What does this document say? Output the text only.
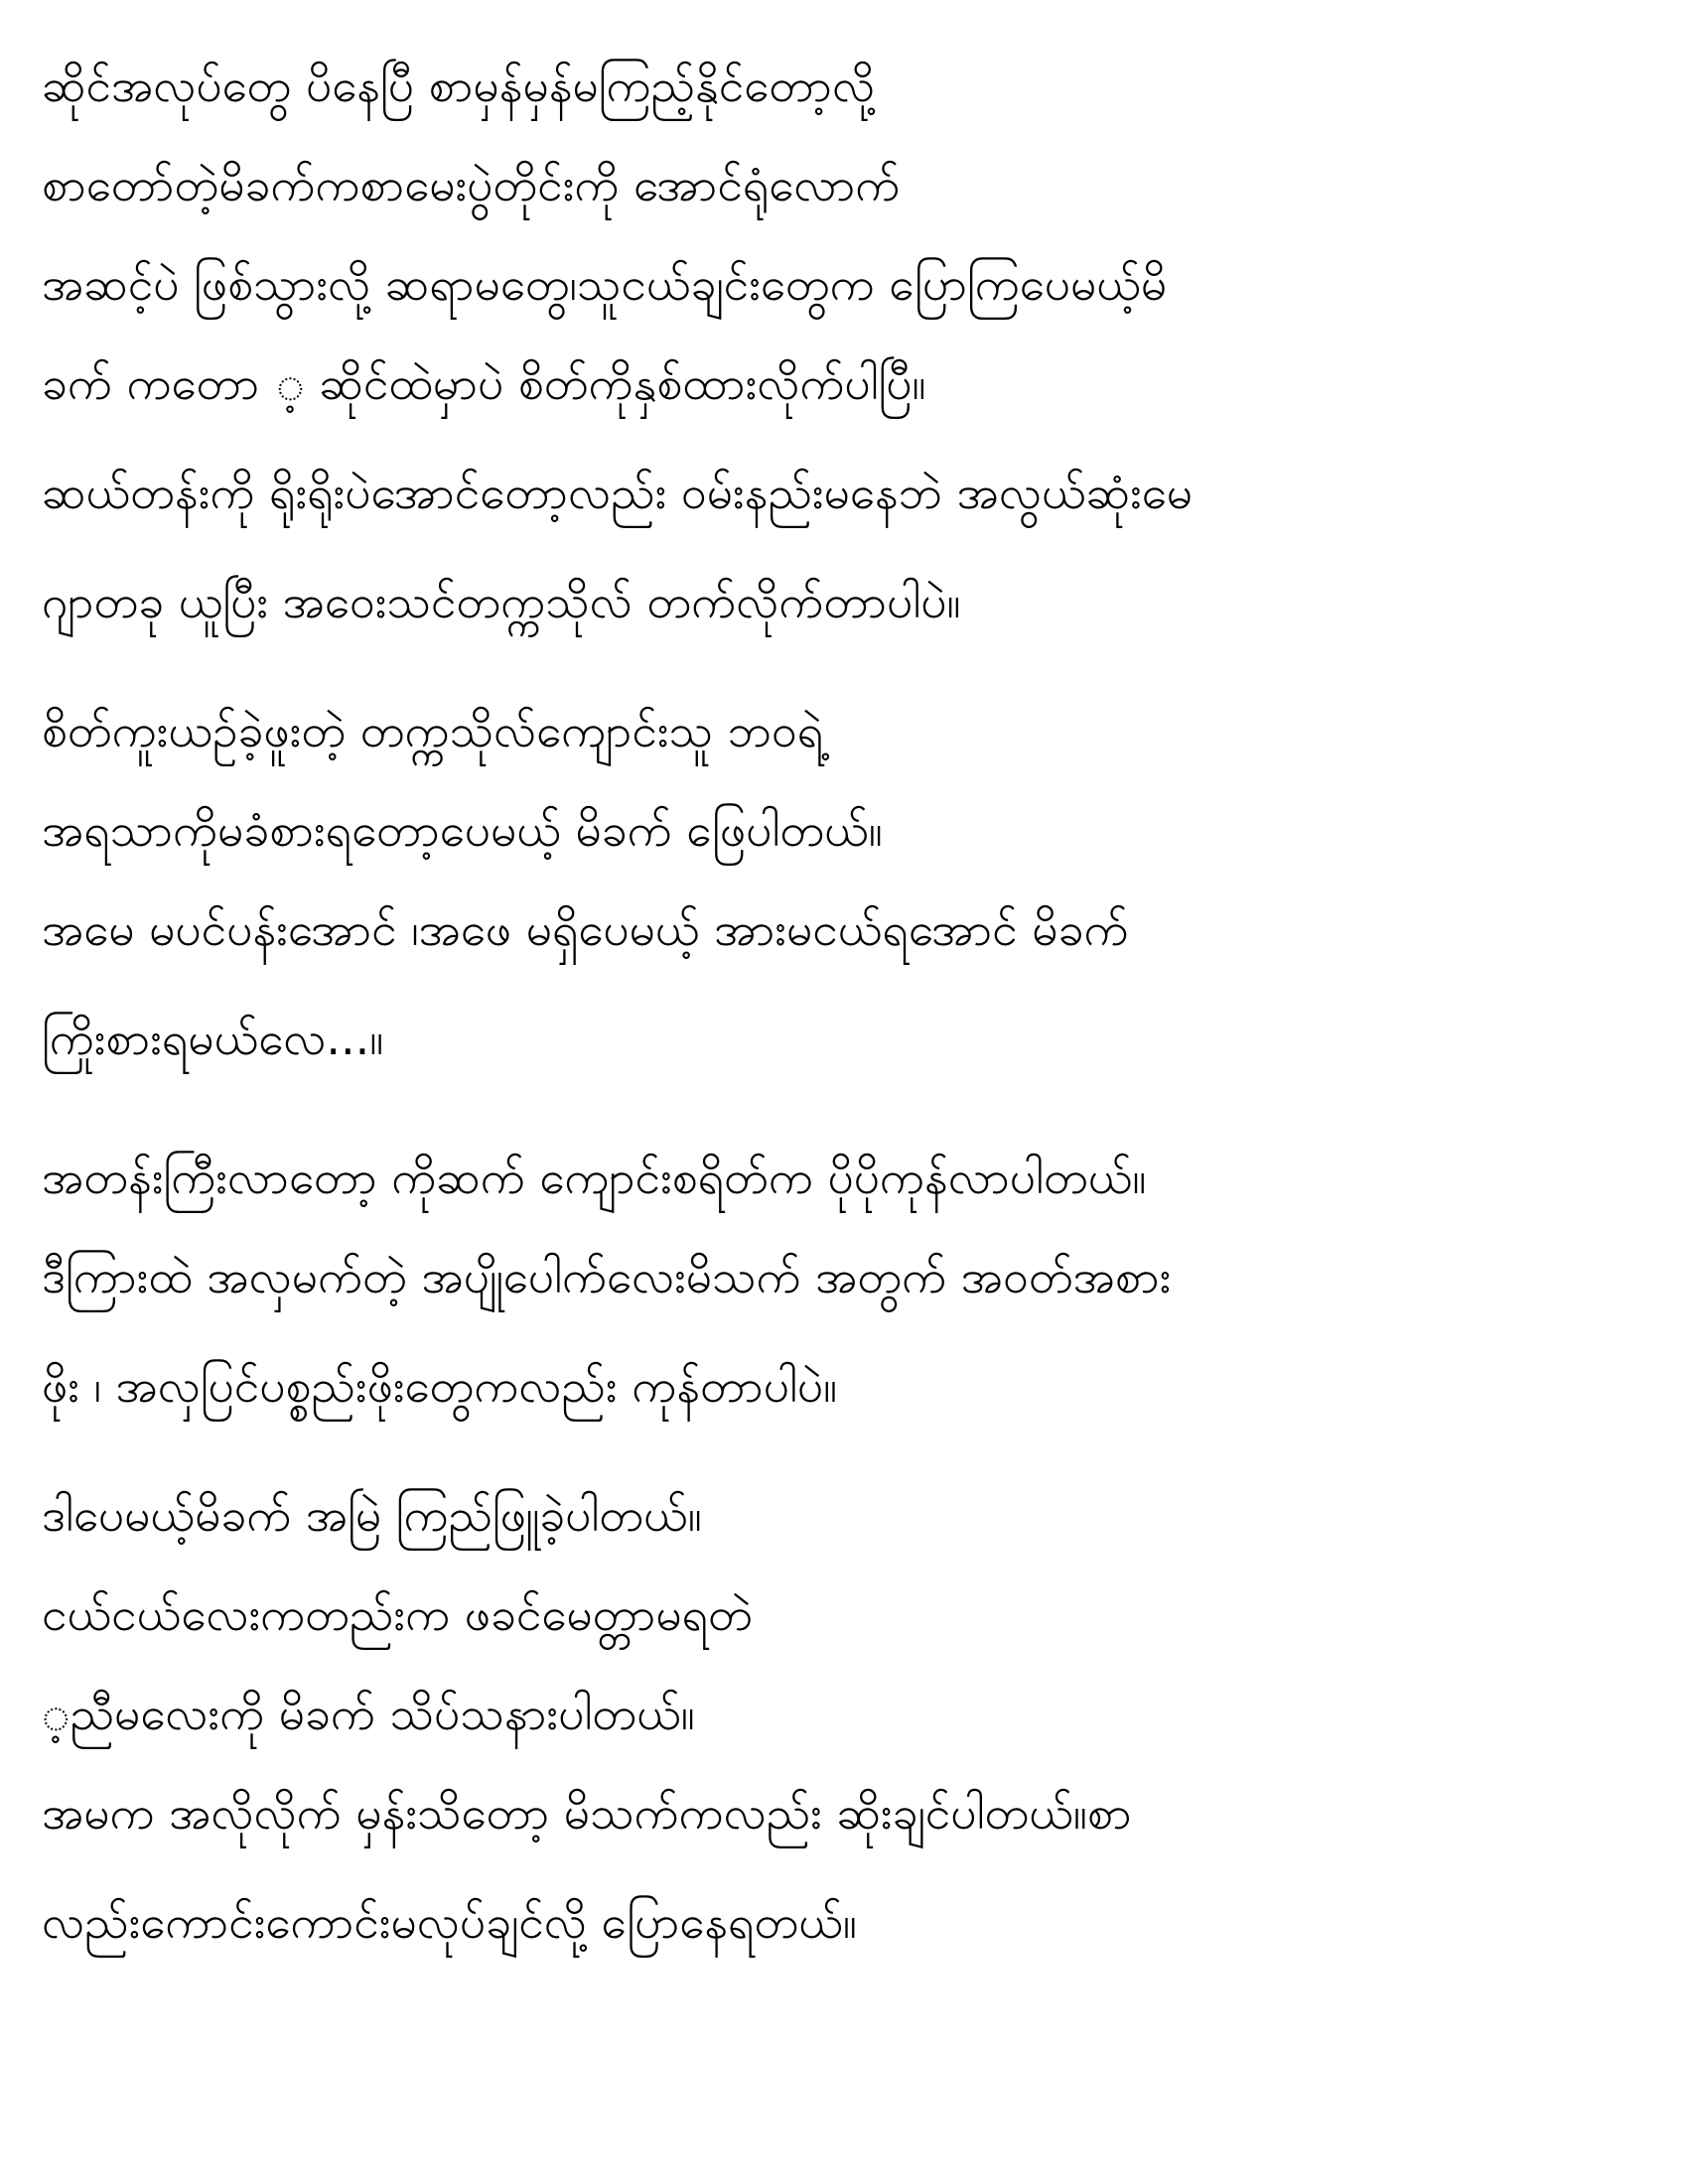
ဆိုင်အလုပ်တွေ ပိနေပြီ စာမှန်မှန်မကြည့်နိုင်တော့လို့
စာတော်တဲ့မိခက်ကစာမေးပွဲတိုင်းကို အောင်ရုံလောက်
အဆင့်ပဲ ဖြစ်သွားလို့ ဆရာမတွေ၊သူငယ်ချင်းတွေက ပြောကြပေမယ့်မိ
ခက် ကတော ့ ဆိုင်ထဲမှာပဲ စိတ်ကိုနှစ်ထားလိုက်ပါပြီ။
ဆယ်တန်းကို ရိုးရိုးပဲအောင်တော့လည်း ဝမ်းနည်းမနေဘဲ အလွယ်ဆုံးမေ
ဂျာတခု ယူပြီး အဝေးသင်တက္ကသိုလ် တက်လိုက်တာပါပဲ။
စိတ်ကူးယဉ်ခဲ့ဖူးတဲ့ တက္ကသိုလ်ကျောင်းသူ ဘဝရဲ့
အရသာကိုမခံစားရတော့ပေမယ့် မိခက် ဖြေပါတယ်။
အမေ မပင်ပန်းအောင် ၊အဖေ မရှိပေမယ့် အားမငယ်ရအောင် မိခက်
ကြိုးစားရမယ်လေ...။
အတန်းကြီးလာတော့ ကိုဆက် ကျောင်းစရိတ်က ပိုပိုကုန်လာပါတယ်။
ဒီကြားထဲ အလှမက်တဲ့ အပျိုပေါက်လေးမိသက် အတွက် အဝတ်အစား
ဖိုး ၊ အလှပြင်ပစ္စည်းဖိုးတွေကလည်း ကုန်တာပါပဲ။
ဒါပေမယ့်မိခက် အမြဲ ကြည်ဖြူခဲ့ပါတယ်။
ငယ်ငယ်လေးကတည်းက ဖခင်မေတ္တာမရတဲ
့ညီမလေးကို မိခက် သိပ်သနားပါတယ်။
အမက အလိုလိုက် မှန်းသိတော့ မိသက်ကလည်း ဆိုးချင်ပါတယ်။စာ
လည်းကောင်းကောင်းမလုပ်ချင်လို့ ပြောနေရတယ်။
